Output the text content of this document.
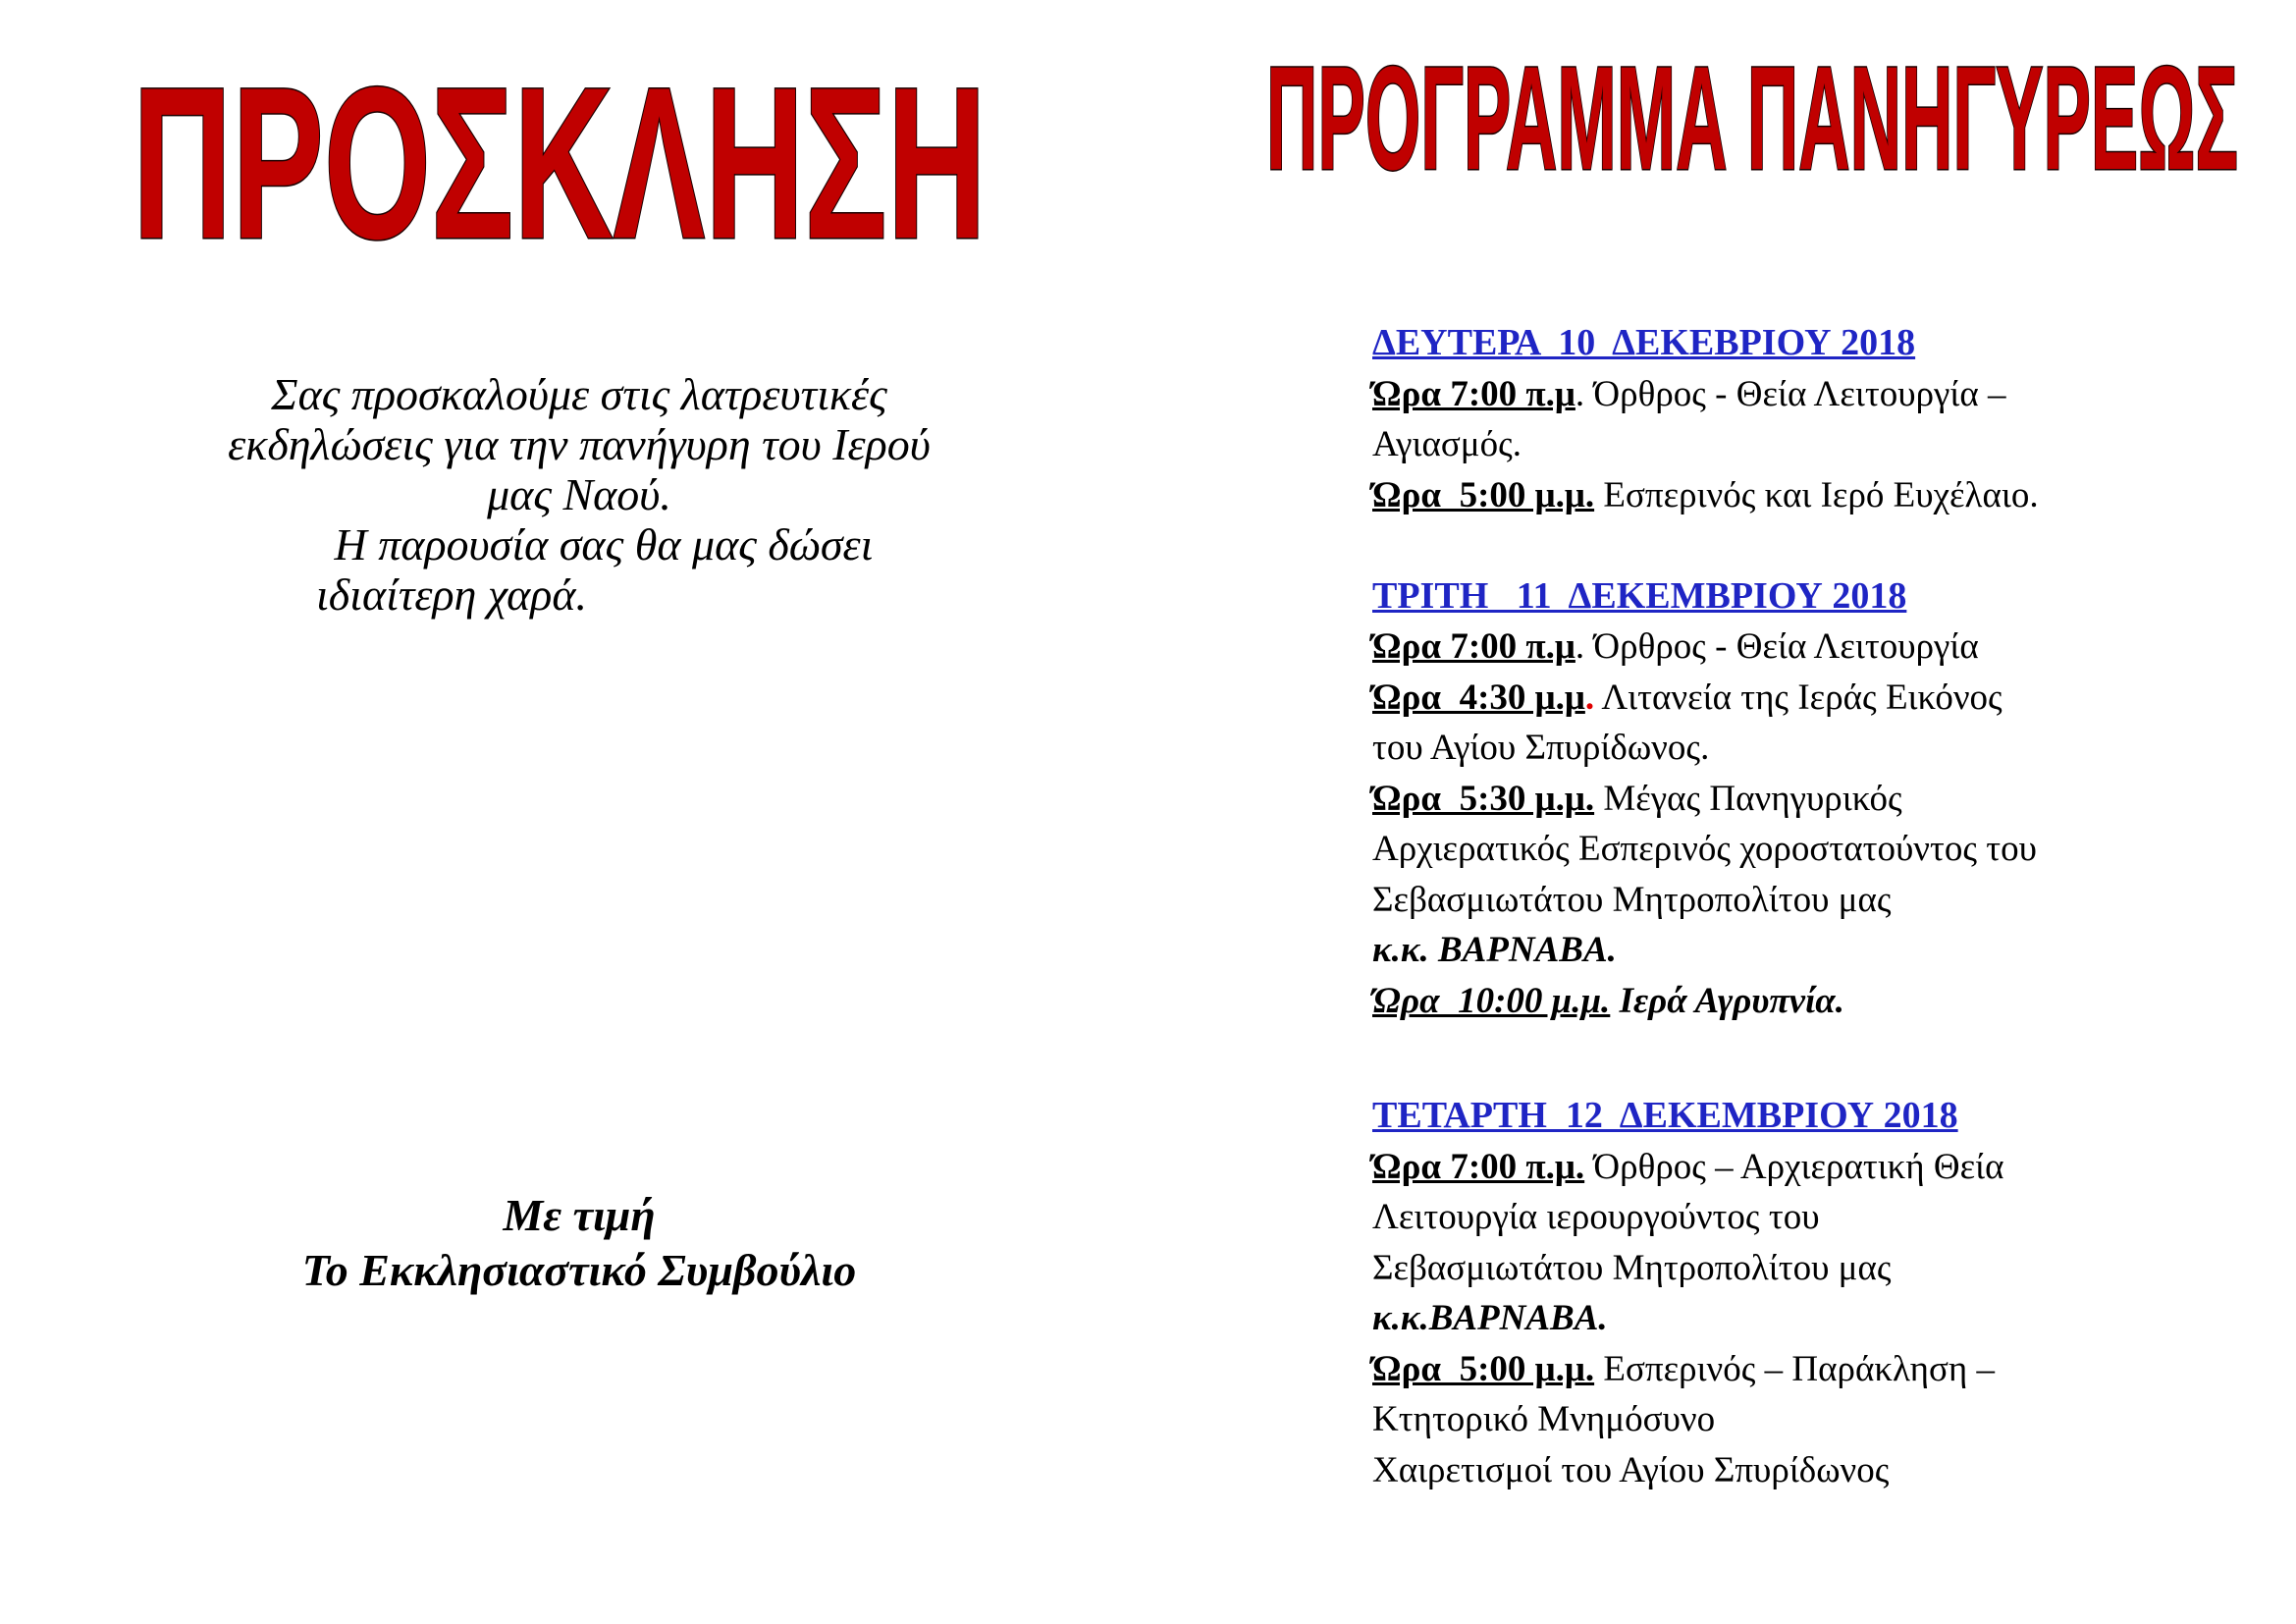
ΠΡΟΣΚΛΗΣΗ ΠΡΟΓΡΑΜΜΑ ΠΑΝΗΓΥΡΕΩΣ
Σας προσκαλούμε στις λατρευτικές
εκδηλώσεις για την πανήγυρη του Ιερού
μας Ναού.
Η παρουσία σας θα μας δώσει
ιδιαίτερη χαρά.
Με τιμή
Το Εκκλησιαστικό Συμβούλιο
ΔΕΥΤΕΡΑ  10  ΔΕΚΕΒΡΙΟΥ 2018
Ώρα 7:00 π.μ. Όρθρος - Θεία Λειτουργία –
Αγιασμός.
Ώρα  5:00 μ.μ. Εσπερινός και Ιερό Ευχέλαιο.
ΤΡΙΤΗ   11  ΔΕΚΕΜΒΡΙΟΥ 2018
Ώρα 7:00 π.μ. Όρθρος - Θεία Λειτουργία
Ώρα  4:30 μ.μ. Λιτανεία της Ιεράς Εικόνος
του Αγίου Σπυρίδωνος.
Ώρα  5:30 μ.μ. Μέγας Πανηγυρικός
Αρχιερατικός Εσπερινός χοροστατούντος του
Σεβασμιωτάτου Μητροπολίτου μας
κ.κ. ΒΑΡΝΑΒΑ.
Ώρα  10:00 μ.μ. Ιερά Αγρυπνία.
ΤΕΤΑΡΤΗ  12  ΔΕΚΕΜΒΡΙΟΥ 2018
Ώρα 7:00 π.μ. Όρθρος – Αρχιερατική Θεία
Λειτουργία ιερουργούντος του
Σεβασμιωτάτου Μητροπολίτου μας
κ.κ.ΒΑΡΝΑΒΑ.
Ώρα  5:00 μ.μ. Εσπερινός – Παράκληση –
Κτητορικό Μνημόσυνο
Χαιρετισμοί του Αγίου Σπυρίδωνος
